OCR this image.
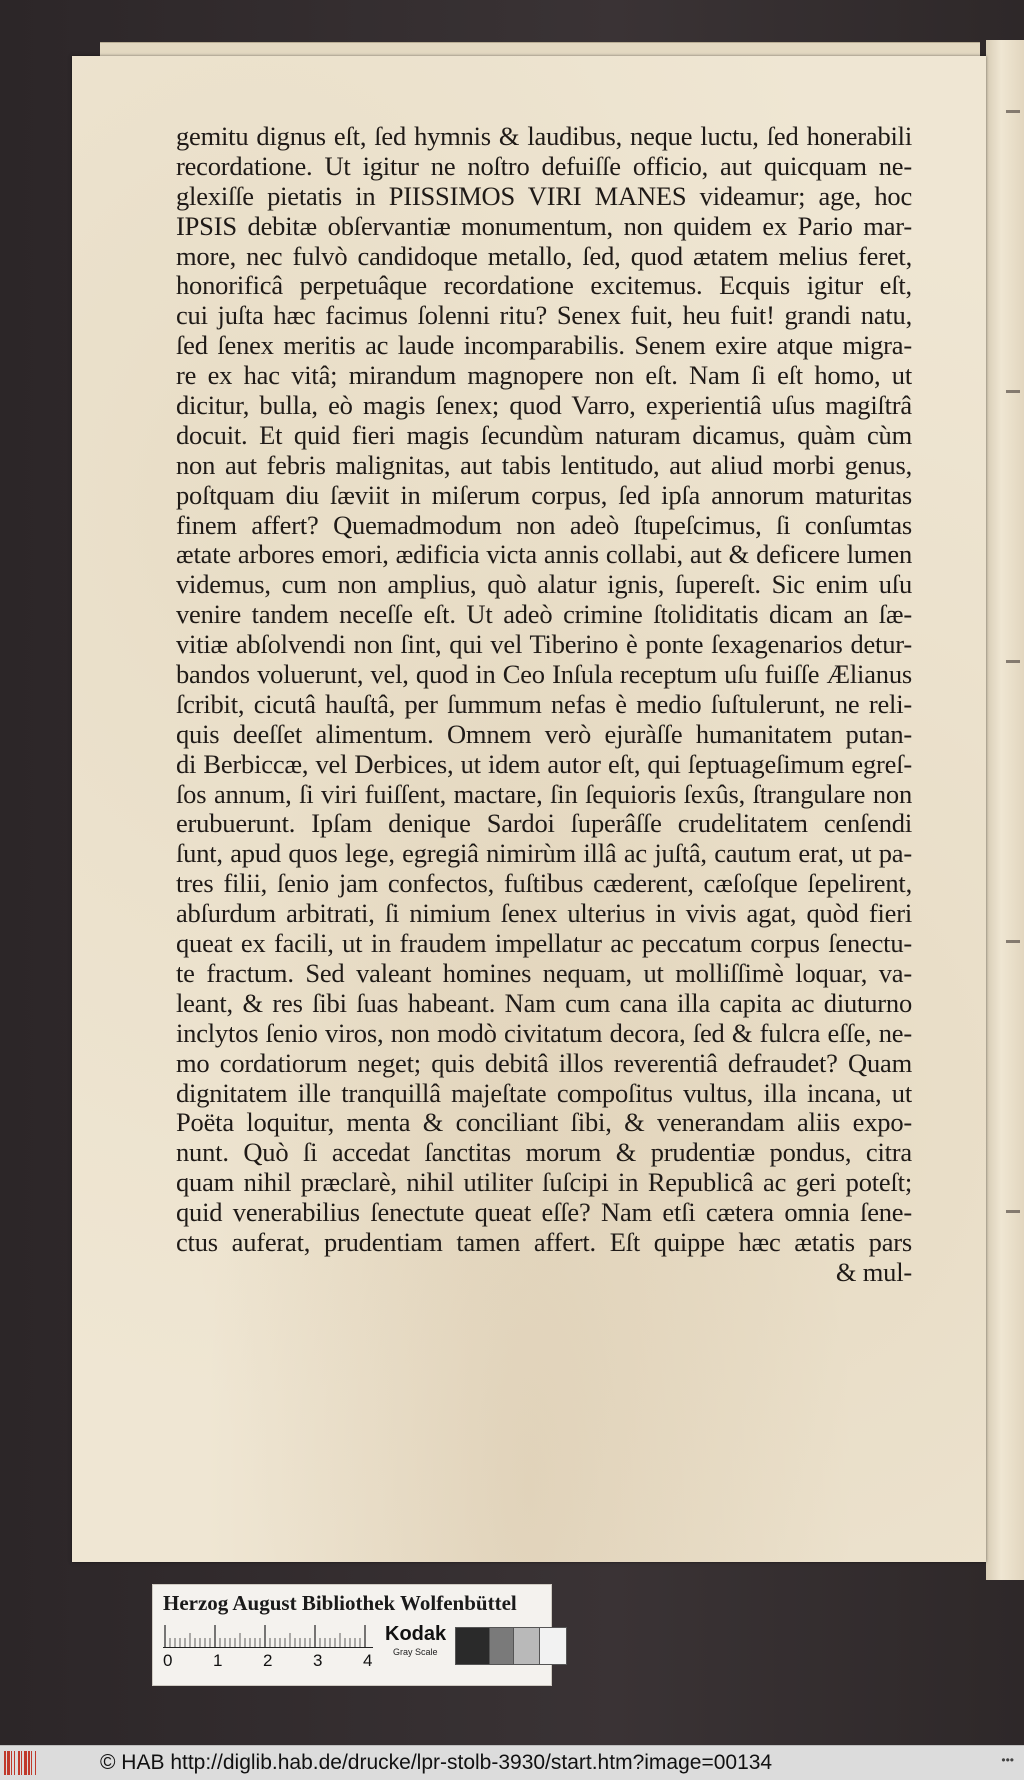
gemitu dignus eſt, ſed hymnis & laudibus, neque luctu, ſed honerabili
recordatione. Ut igitur ne noſtro defuiſſe officio, aut quicquam ne-
glexiſſe pietatis in PIISSIMOS VIRI MANES videamur; age, hoc
IPSIS debitæ obſervantiæ monumentum, non quidem ex Pario mar-
more, nec fulvò candidoque metallo, ſed, quod ætatem melius feret,
honorificâ perpetuâque recordatione excitemus. Ecquis igitur eſt,
cui juſta hæc facimus ſolenni ritu? Senex fuit, heu fuit! grandi natu,
ſed ſenex meritis ac laude incomparabilis. Senem exire atque migra-
re ex hac vitâ; mirandum magnopere non eſt. Nam ſi eſt homo, ut
dicitur, bulla, eò magis ſenex; quod Varro, experientiâ uſus magiſtrâ
docuit. Et quid fieri magis ſecundùm naturam dicamus, quàm cùm
non aut febris malignitas, aut tabis lentitudo, aut aliud morbi genus,
poſtquam diu ſæviit in miſerum corpus, ſed ipſa annorum maturitas
finem affert? Quemadmodum non adeò ſtupeſcimus, ſi conſumtas
ætate arbores emori, ædificia victa annis collabi, aut & deficere lumen
videmus, cum non amplius, quò alatur ignis, ſupereſt. Sic enim uſu
venire tandem neceſſe eſt. Ut adeò crimine ſtoliditatis dicam an ſæ-
vitiæ abſolvendi non ſint, qui vel Tiberino è ponte ſexagenarios detur-
bandos voluerunt, vel, quod in Ceo Inſula receptum uſu fuiſſe Ælianus
ſcribit, cicutâ hauſtâ, per ſummum nefas è medio ſuſtulerunt, ne reli-
quis deeſſet alimentum. Omnem verò ejuràſſe humanitatem putan-
di Berbiccæ, vel Derbices, ut idem autor eſt, qui ſeptuageſimum egreſ-
ſos annum, ſi viri fuiſſent, mactare, ſin ſequioris ſexûs, ſtrangulare non
erubuerunt. Ipſam denique Sardoi ſuperâſſe crudelitatem cenſendi
ſunt, apud quos lege, egregiâ nimirùm illâ ac juſtâ, cautum erat, ut pa-
tres filii, ſenio jam confectos, fuſtibus cæderent, cæſoſque ſepelirent,
abſurdum arbitrati, ſi nimium ſenex ulterius in vivis agat, quòd fieri
queat ex facili, ut in fraudem impellatur ac peccatum corpus ſenectu-
te fractum. Sed valeant homines nequam, ut molliſſimè loquar, va-
leant, & res ſibi ſuas habeant. Nam cum cana illa capita ac diuturno
inclytos ſenio viros, non modò civitatum decora, ſed & fulcra eſſe, ne-
mo cordatiorum neget; quis debitâ illos reverentiâ defraudet? Quam
dignitatem ille tranquillâ majeſtate compoſitus vultus, illa incana, ut
Poëta loquitur, menta & conciliant ſibi, & venerandam aliis expo-
nunt. Quò ſi accedat ſanctitas morum & prudentiæ pondus, citra
quam nihil præclarè, nihil utiliter ſuſcipi in Republicâ ac geri poteſt;
quid venerabilius ſenectute queat eſſe? Nam etſi cætera omnia ſene-
ctus auferat, prudentiam tamen affert. Eſt quippe hæc ætatis pars
& mul-
Herzog August Bibliothek Wolfenbüttel
0 1 2 3 4
Kodak
Gray Scale
© HAB http://diglib.hab.de/drucke/lpr-stolb-3930/start.htm?image=00134	•••
